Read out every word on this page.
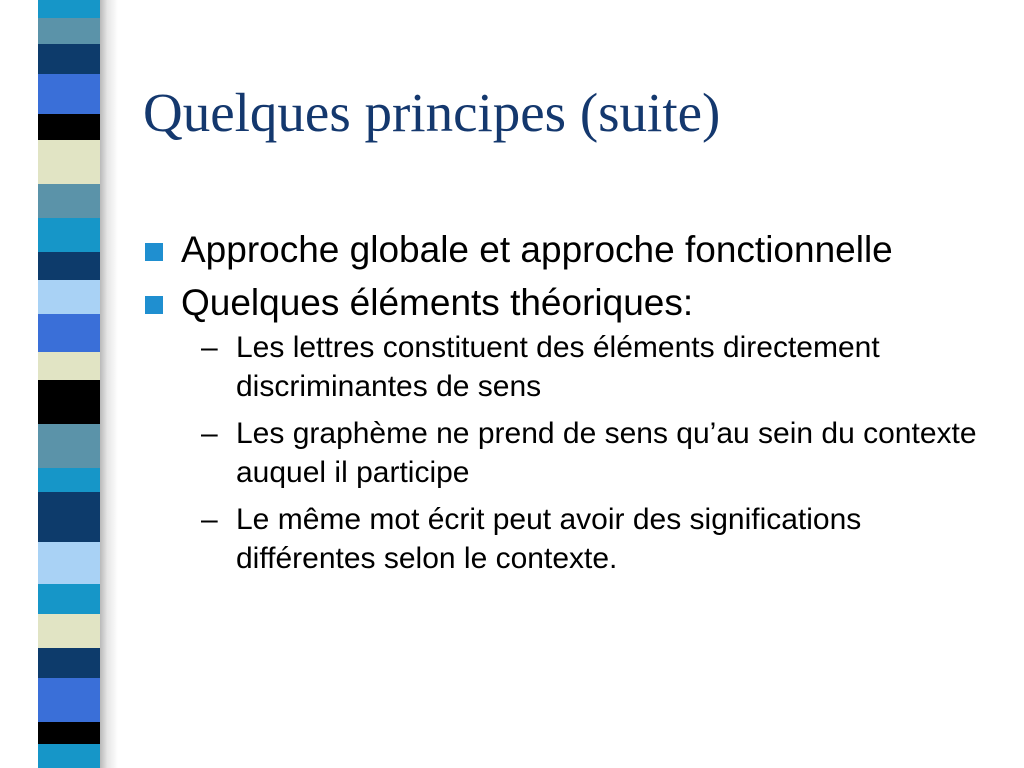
Quelques principes (suite)
Approche globale et approche fonctionnelle
Quelques éléments théoriques:
– Les lettres constituent des éléments directement discriminantes de sens
– Les graphème ne prend de sens qu’au sein du contexte auquel il participe
– Le même mot écrit peut avoir des significations différentes selon le contexte.
